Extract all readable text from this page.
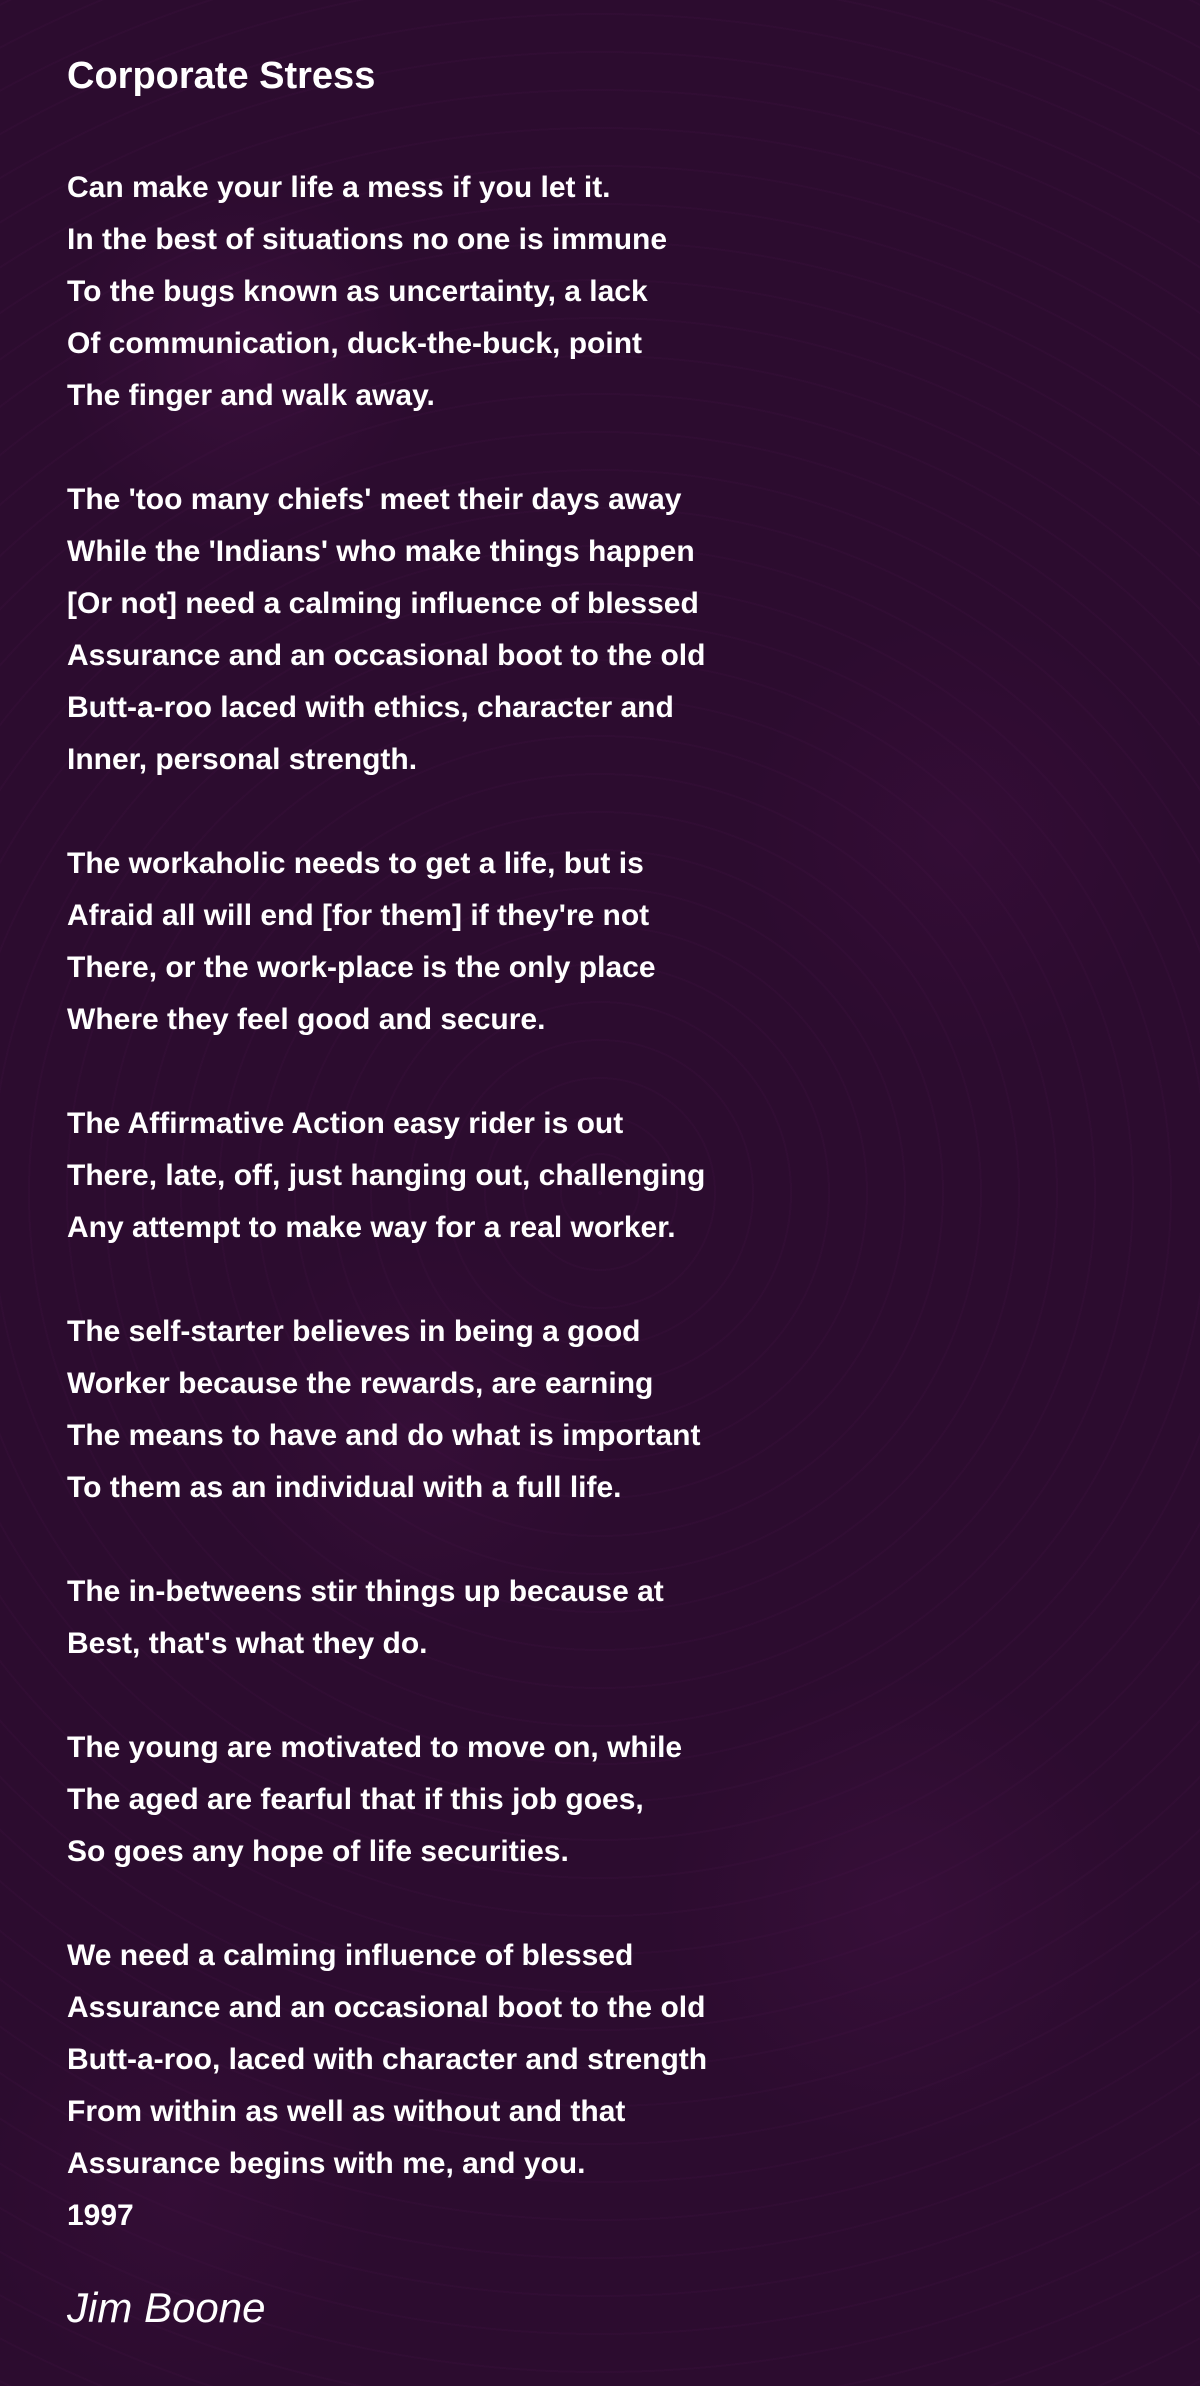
Corporate Stress
Can make your life a mess if you let it.
In the best of situations no one is immune
To the bugs known as uncertainty, a lack
Of communication, duck-the-buck, point
The finger and walk away.
The 'too many chiefs' meet their days away
While the 'Indians' who make things happen
[Or not] need a calming influence of blessed
Assurance and an occasional boot to the old
Butt-a-roo laced with ethics, character and
Inner, personal strength.
The workaholic needs to get a life, but is
Afraid all will end [for them] if they're not
There, or the work-place is the only place
Where they feel good and secure.
The Affirmative Action easy rider is out
There, late, off, just hanging out, challenging
Any attempt to make way for a real worker.
The self-starter believes in being a good
Worker because the rewards, are earning
The means to have and do what is important
To them as an individual with a full life.
The in-betweens stir things up because at
Best, that's what they do.
The young are motivated to move on, while
The aged are fearful that if this job goes,
So goes any hope of life securities.
We need a calming influence of blessed
Assurance and an occasional boot to the old
Butt-a-roo, laced with character and strength
From within as well as without and that
Assurance begins with me, and you.
1997
Jim Boone
